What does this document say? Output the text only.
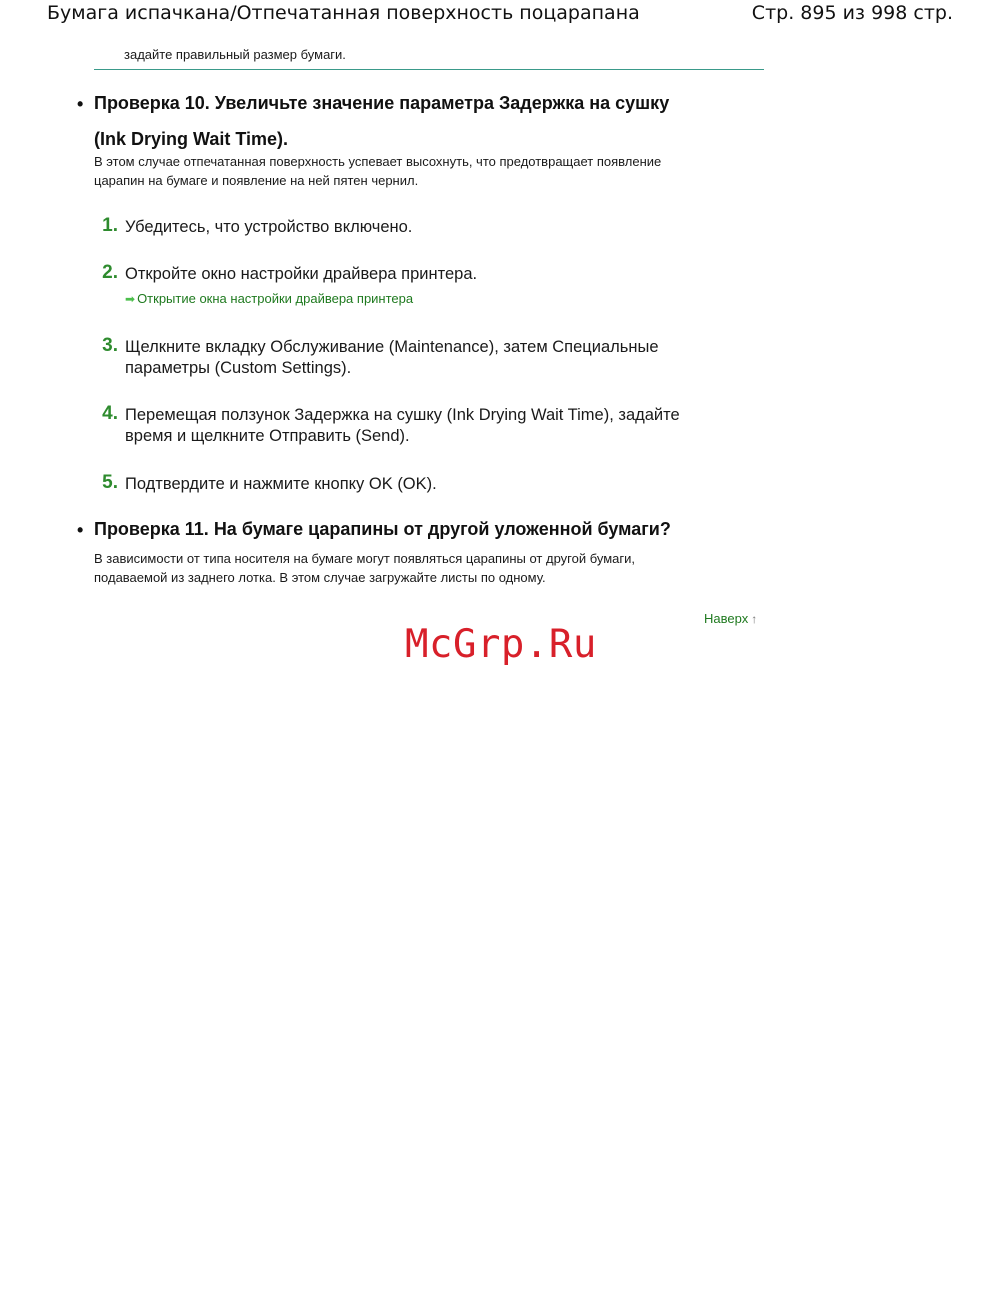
Бумага испачкана/Отпечатанная поверхность поцарапана	Стр. 895 из 998 стр.
задайте правильный размер бумаги.
• Проверка 10. Увеличьте значение параметра Задержка на сушку
(Ink Drying Wait Time).
В этом случае отпечатанная поверхность успевает высохнуть, что предотвращает появление
царапин на бумаге и появление на ней пятен чернил.
1. Убедитесь, что устройство включено.
2. Откройте окно настройки драйвера принтера.
➡ Открытие окна настройки драйвера принтера
3. Щелкните вкладку Обслуживание (Maintenance), затем Специальные
параметры (Custom Settings).
4. Перемещая ползунок Задержка на сушку (Ink Drying Wait Time), задайте
время и щелкните Отправить (Send).
5. Подтвердите и нажмите кнопку OK (OK).
• Проверка 11. На бумаге царапины от другой уложенной бумаги?
В зависимости от типа носителя на бумаге могут появляться царапины от другой бумаги,
подаваемой из заднего лотка. В этом случае загружайте листы по одному.
Наверх ↑
McGrp.Ru
